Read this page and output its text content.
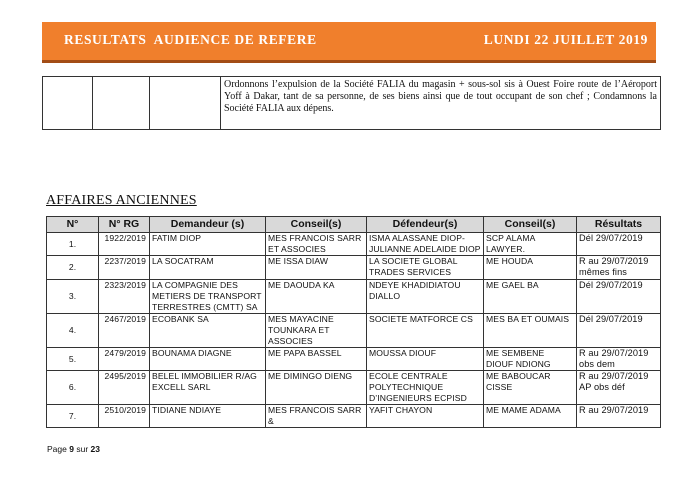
RESULTATS  AUDIENCE DE REFERE	LUNDI 22 JUILLET 2019
			Ordonnons l’expulsion de la Société FALIA du magasin + sous-sol sis à Ouest Foire route de l’Aéroport Yoff à Dakar, tant de sa personne, de ses biens ainsi que de tout occupant de son chef ; Condamnons la Société FALIA aux dépens.
AFFAIRES ANCIENNES
N°	N° RG	Demandeur (s)	Conseil(s)	Défendeur(s)	Conseil(s)	Résultats
1.	1922/2019	FATIM DIOP	MES FRANCOIS SARR ET ASSOCIES	ISMA ALASSANE DIOP-JULIANNE ADELAIDE DIOP	SCP ALAMA LAWYER.	Dél 29/07/2019
2.	2237/2019	LA SOCATRAM	ME ISSA DIAW	LA SOCIETE GLOBAL TRADES SERVICES	ME HOUDA	R au 29/07/2019 mêmes fins
3.	2323/2019	LA COMPAGNIE DES METIERS DE TRANSPORT TERRESTRES (CMTT) SA	ME DAOUDA KA	NDEYE KHADIDIATOU DIALLO	ME GAEL BA	Dél 29/07/2019
4.	2467/2019	ECOBANK SA	MES MAYACINE TOUNKARA ET ASSOCIES	SOCIETE MATFORCE CS	MES BA ET OUMAIS	Dél 29/07/2019
5.	2479/2019	BOUNAMA DIAGNE	ME PAPA BASSEL	MOUSSA DIOUF	ME SEMBENE DIOUF NDIONG	R au 29/07/2019 obs dem
6.	2495/2019	BELEL IMMOBILIER R/AG EXCELL SARL	ME DIMINGO DIENG	ECOLE CENTRALE POLYTECHNIQUE D’INGENIEURS ECPISD	ME BABOUCAR CISSE	R au 29/07/2019 AP obs déf
7.	2510/2019	TIDIANE NDIAYE	MES FRANCOIS SARR &	YAFIT CHAYON	ME MAME ADAMA	R au 29/07/2019
Page 9 sur 23
